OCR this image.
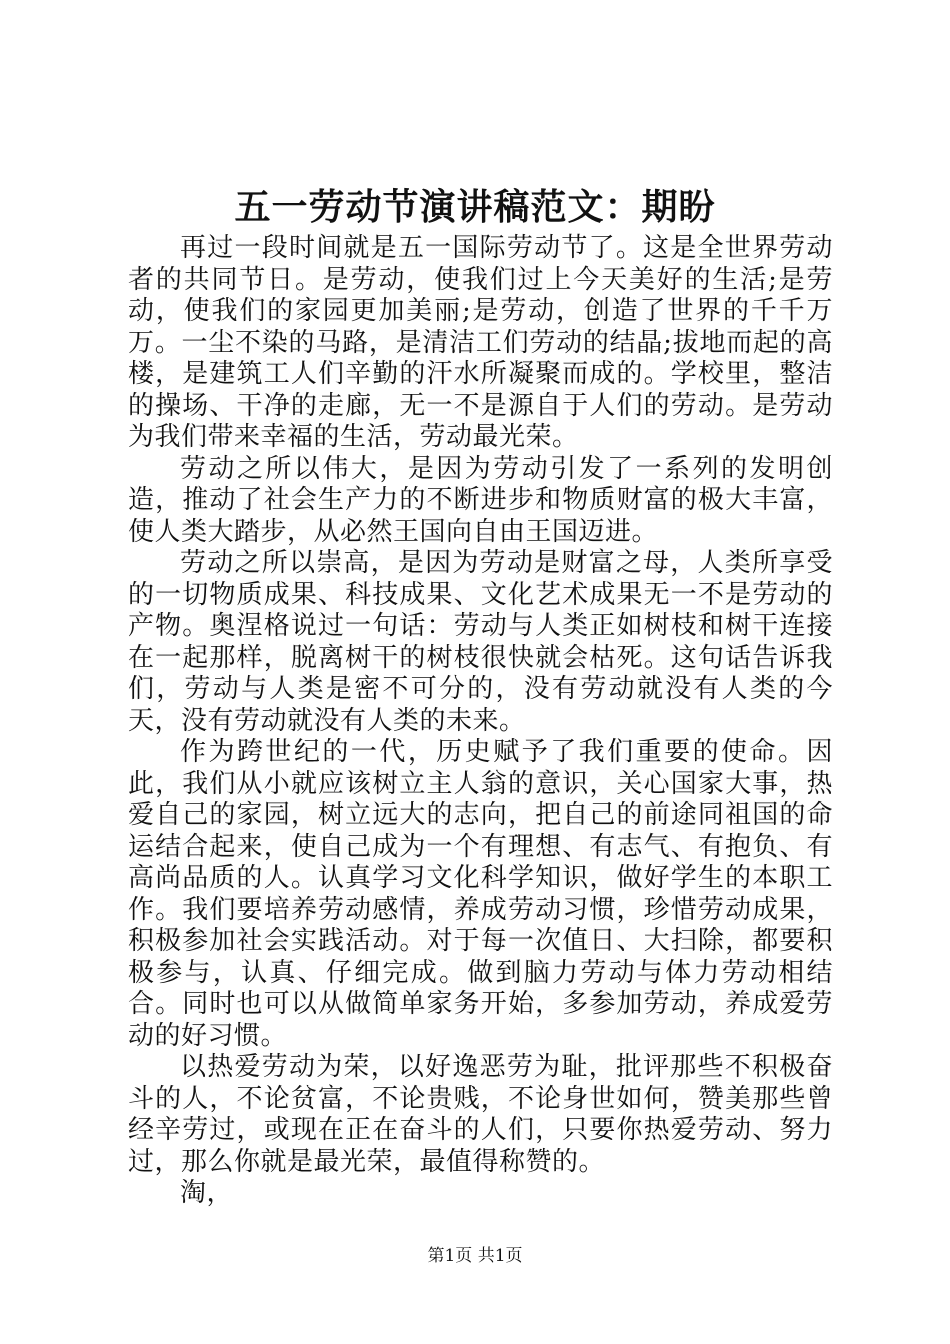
五一劳动节演讲稿范文：期盼

再过一段时间就是五一国际劳动节了。这是全世界劳动者的共同节日。是劳动，使我们过上今天美好的生活;是劳动，使我们的家园更加美丽;是劳动，创造了世界的千千万万。一尘不染的马路，是清洁工们劳动的结晶;拔地而起的高楼，是建筑工人们辛勤的汗水所凝聚而成的。学校里，整洁的操场、干净的走廊，无一不是源自于人们的劳动。是劳动为我们带来幸福的生活，劳动最光荣。

劳动之所以伟大，是因为劳动引发了一系列的发明创造，推动了社会生产力的不断进步和物质财富的极大丰富，使人类大踏步，从必然王国向自由王国迈进。

劳动之所以崇高，是因为劳动是财富之母，人类所享受的一切物质成果、科技成果、文化艺术成果无一不是劳动的产物。奥涅格说过一句话：劳动与人类正如树枝和树干连接在一起那样，脱离树干的树枝很快就会枯死。这句话告诉我们，劳动与人类是密不可分的，没有劳动就没有人类的今天，没有劳动就没有人类的未来。

作为跨世纪的一代，历史赋予了我们重要的使命。因此，我们从小就应该树立主人翁的意识，关心国家大事，热爱自己的家园，树立远大的志向，把自己的前途同祖国的命运结合起来，使自己成为一个有理想、有志气、有抱负、有高尚品质的人。认真学习文化科学知识，做好学生的本职工作。我们要培养劳动感情，养成劳动习惯，珍惜劳动成果，积极参加社会实践活动。对于每一次值日、大扫除，都要积极参与，认真、仔细完成。做到脑力劳动与体力劳动相结合。同时也可以从做简单家务开始，多参加劳动，养成爱劳动的好习惯。

以热爱劳动为荣，以好逸恶劳为耻，批评那些不积极奋斗的人，不论贫富，不论贵贱，不论身世如何，赞美那些曾经辛劳过，或现在正在奋斗的人们，只要你热爱劳动、努力过，那么你就是最光荣，最值得称赞的。

淘，

第1页 共1页
